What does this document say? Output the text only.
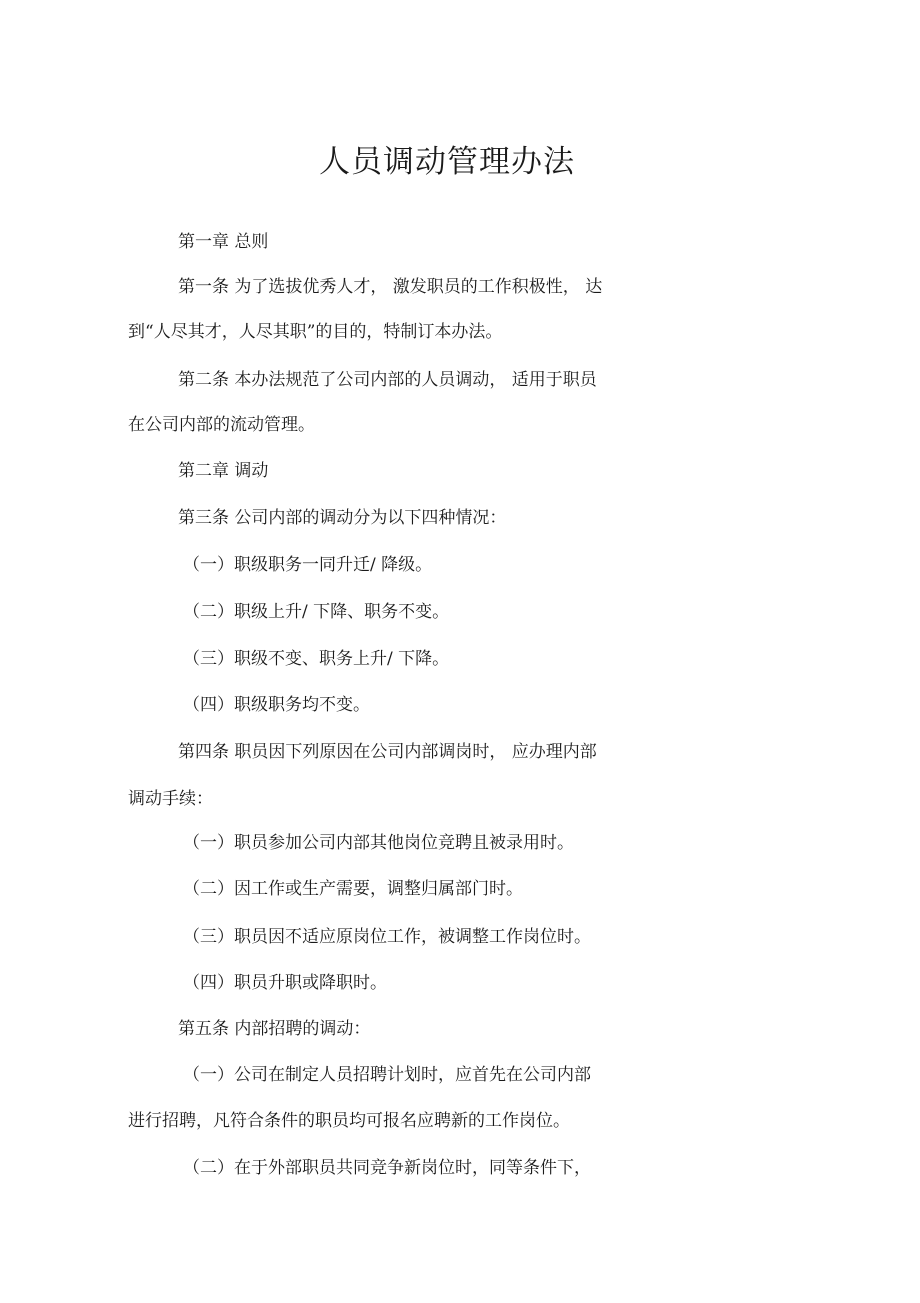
人员调动管理办法

第一章 总则

第一条 为了选拔优秀人才， 激发职员的工作积极性， 达

到“人尽其才，人尽其职”的目的，特制订本办法。

第二条 本办法规范了公司内部的人员调动， 适用于职员

在公司内部的流动管理。

第二章 调动

第三条 公司内部的调动分为以下四种情况：

（一）职级职务一同升迁/ 降级。

（二）职级上升/ 下降、职务不变。

（三）职级不变、职务上升/ 下降。

（四）职级职务均不变。

第四条 职员因下列原因在公司内部调岗时， 应办理内部

调动手续：

（一）职员参加公司内部其他岗位竞聘且被录用时。

（二）因工作或生产需要，调整归属部门时。

（三）职员因不适应原岗位工作，被调整工作岗位时。

（四）职员升职或降职时。

第五条 内部招聘的调动：

（一）公司在制定人员招聘计划时，应首先在公司内部

进行招聘，凡符合条件的职员均可报名应聘新的工作岗位。

（二）在于外部职员共同竞争新岗位时，同等条件下，
